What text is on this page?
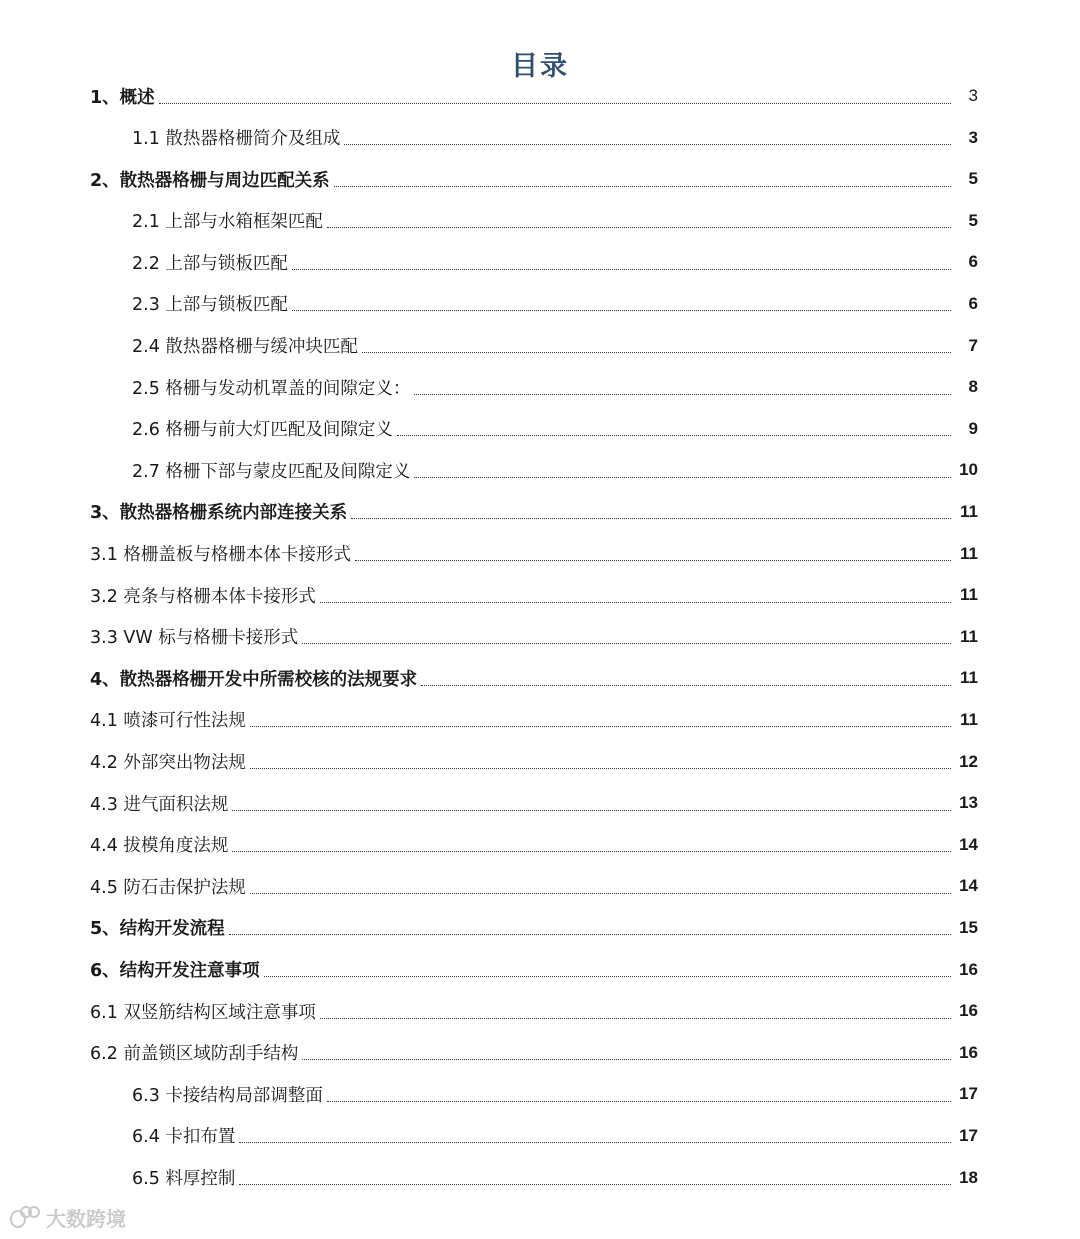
目录
1、概述	3
1.1 散热器格栅简介及组成	3
2、散热器格栅与周边匹配关系	5
2.1 上部与水箱框架匹配	5
2.2 上部与锁板匹配	6
2.3 上部与锁板匹配	6
2.4 散热器格栅与缓冲块匹配	7
2.5 格栅与发动机罩盖的间隙定义：	8
2.6 格栅与前大灯匹配及间隙定义	9
2.7 格栅下部与蒙皮匹配及间隙定义	10
3、散热器格栅系统内部连接关系	11
3.1 格栅盖板与格栅本体卡接形式	11
3.2 亮条与格栅本体卡接形式	11
3.3 VW 标与格栅卡接形式	11
4、散热器格栅开发中所需校核的法规要求	11
4.1 喷漆可行性法规	11
4.2 外部突出物法规	12
4.3 进气面积法规	13
4.4 拔模角度法规	14
4.5 防石击保护法规	14
5、结构开发流程	15
6、结构开发注意事项	16
6.1 双竖筋结构区域注意事项	16
6.2 前盖锁区域防刮手结构	16
6.3 卡接结构局部调整面	17
6.4 卡扣布置	17
6.5 料厚控制	18
大数跨境
